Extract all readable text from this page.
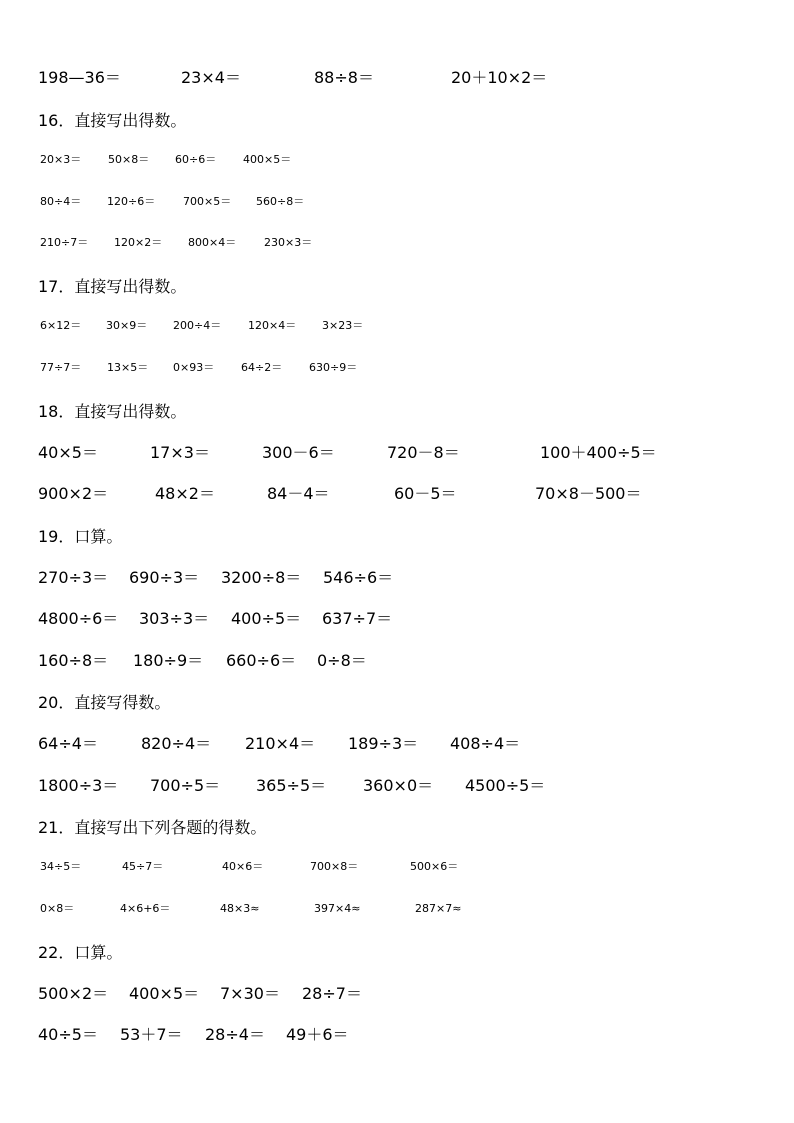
198—36＝	23×4＝	88÷8＝	20＋10×2＝
16．直接写出得数。
20×3＝ 50×8＝ 60÷6＝ 400×5＝
80÷4＝ 120÷6＝	700×5＝ 560÷8＝
210÷7＝ 120×2＝ 800×4＝	230×3＝
17．直接写出得数。
6×12＝ 30×9＝ 200÷4＝ 120×4＝ 3×23＝
77÷7＝ 13×5＝ 0×93＝ 64÷2＝ 630÷9＝
18．直接写出得数。
40×5＝	17×3＝	300－6＝	720－8＝	100＋400÷5＝
900×2＝	48×2＝	84－4＝	60－5＝	70×8－500＝
19．口算。
270÷3＝ 690÷3＝ 3200÷8＝ 546÷6＝
4800÷6＝ 303÷3＝ 400÷5＝ 637÷7＝
160÷8＝ 180÷9＝ 660÷6＝ 0÷8＝
20．直接写得数。
64÷4＝	820÷4＝ 210×4＝ 189÷3＝ 408÷4＝
1800÷3＝ 700÷5＝ 365÷5＝ 360×0＝ 4500÷5＝
21．直接写出下列各题的得数。
34÷5＝	45÷7＝	40×6＝	700×8＝	500×6＝
0×8＝	4×6+6＝	48×3≈	397×4≈	287×7≈
22．口算。
500×2＝ 400×5＝ 7×30＝ 28÷7＝
40÷5＝ 53＋7＝ 28÷4＝ 49＋6＝
